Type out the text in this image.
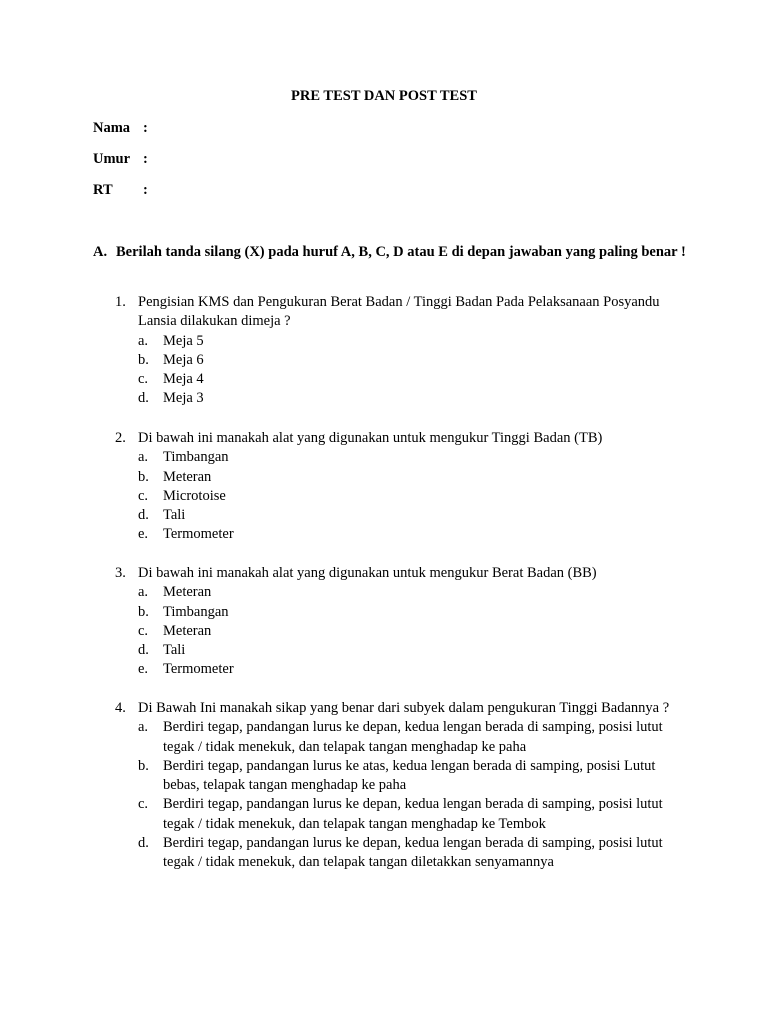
PRE TEST DAN POST TEST
Nama :
Umur :
RT :
A. Berilah tanda silang (X) pada huruf A, B, C, D atau E di depan jawaban yang paling benar !
1. Pengisian KMS dan Pengukuran Berat Badan / Tinggi Badan Pada Pelaksanaan Posyandu Lansia dilakukan dimeja ?
a. Meja 5
b. Meja 6
c. Meja 4
d. Meja 3
2. Di bawah ini manakah alat yang digunakan untuk mengukur Tinggi Badan (TB)
a. Timbangan
b. Meteran
c. Microtoise
d. Tali
e. Termometer
3. Di bawah ini manakah alat yang digunakan untuk mengukur Berat Badan (BB)
a. Meteran
b. Timbangan
c. Meteran
d. Tali
e. Termometer
4. Di Bawah Ini manakah sikap yang benar dari subyek dalam pengukuran Tinggi Badannya ?
a. Berdiri tegap, pandangan lurus ke depan, kedua lengan berada di samping, posisi lutut tegak / tidak menekuk, dan telapak tangan menghadap ke paha
b. Berdiri tegap, pandangan lurus ke atas, kedua lengan berada di samping, posisi Lutut bebas, telapak tangan menghadap ke paha
c. Berdiri tegap, pandangan lurus ke depan, kedua lengan berada di samping, posisi lutut tegak / tidak menekuk, dan telapak tangan menghadap ke Tembok
d. Berdiri tegap, pandangan lurus ke depan, kedua lengan berada di samping, posisi lutut tegak / tidak menekuk, dan telapak tangan diletakkan senyamannya
